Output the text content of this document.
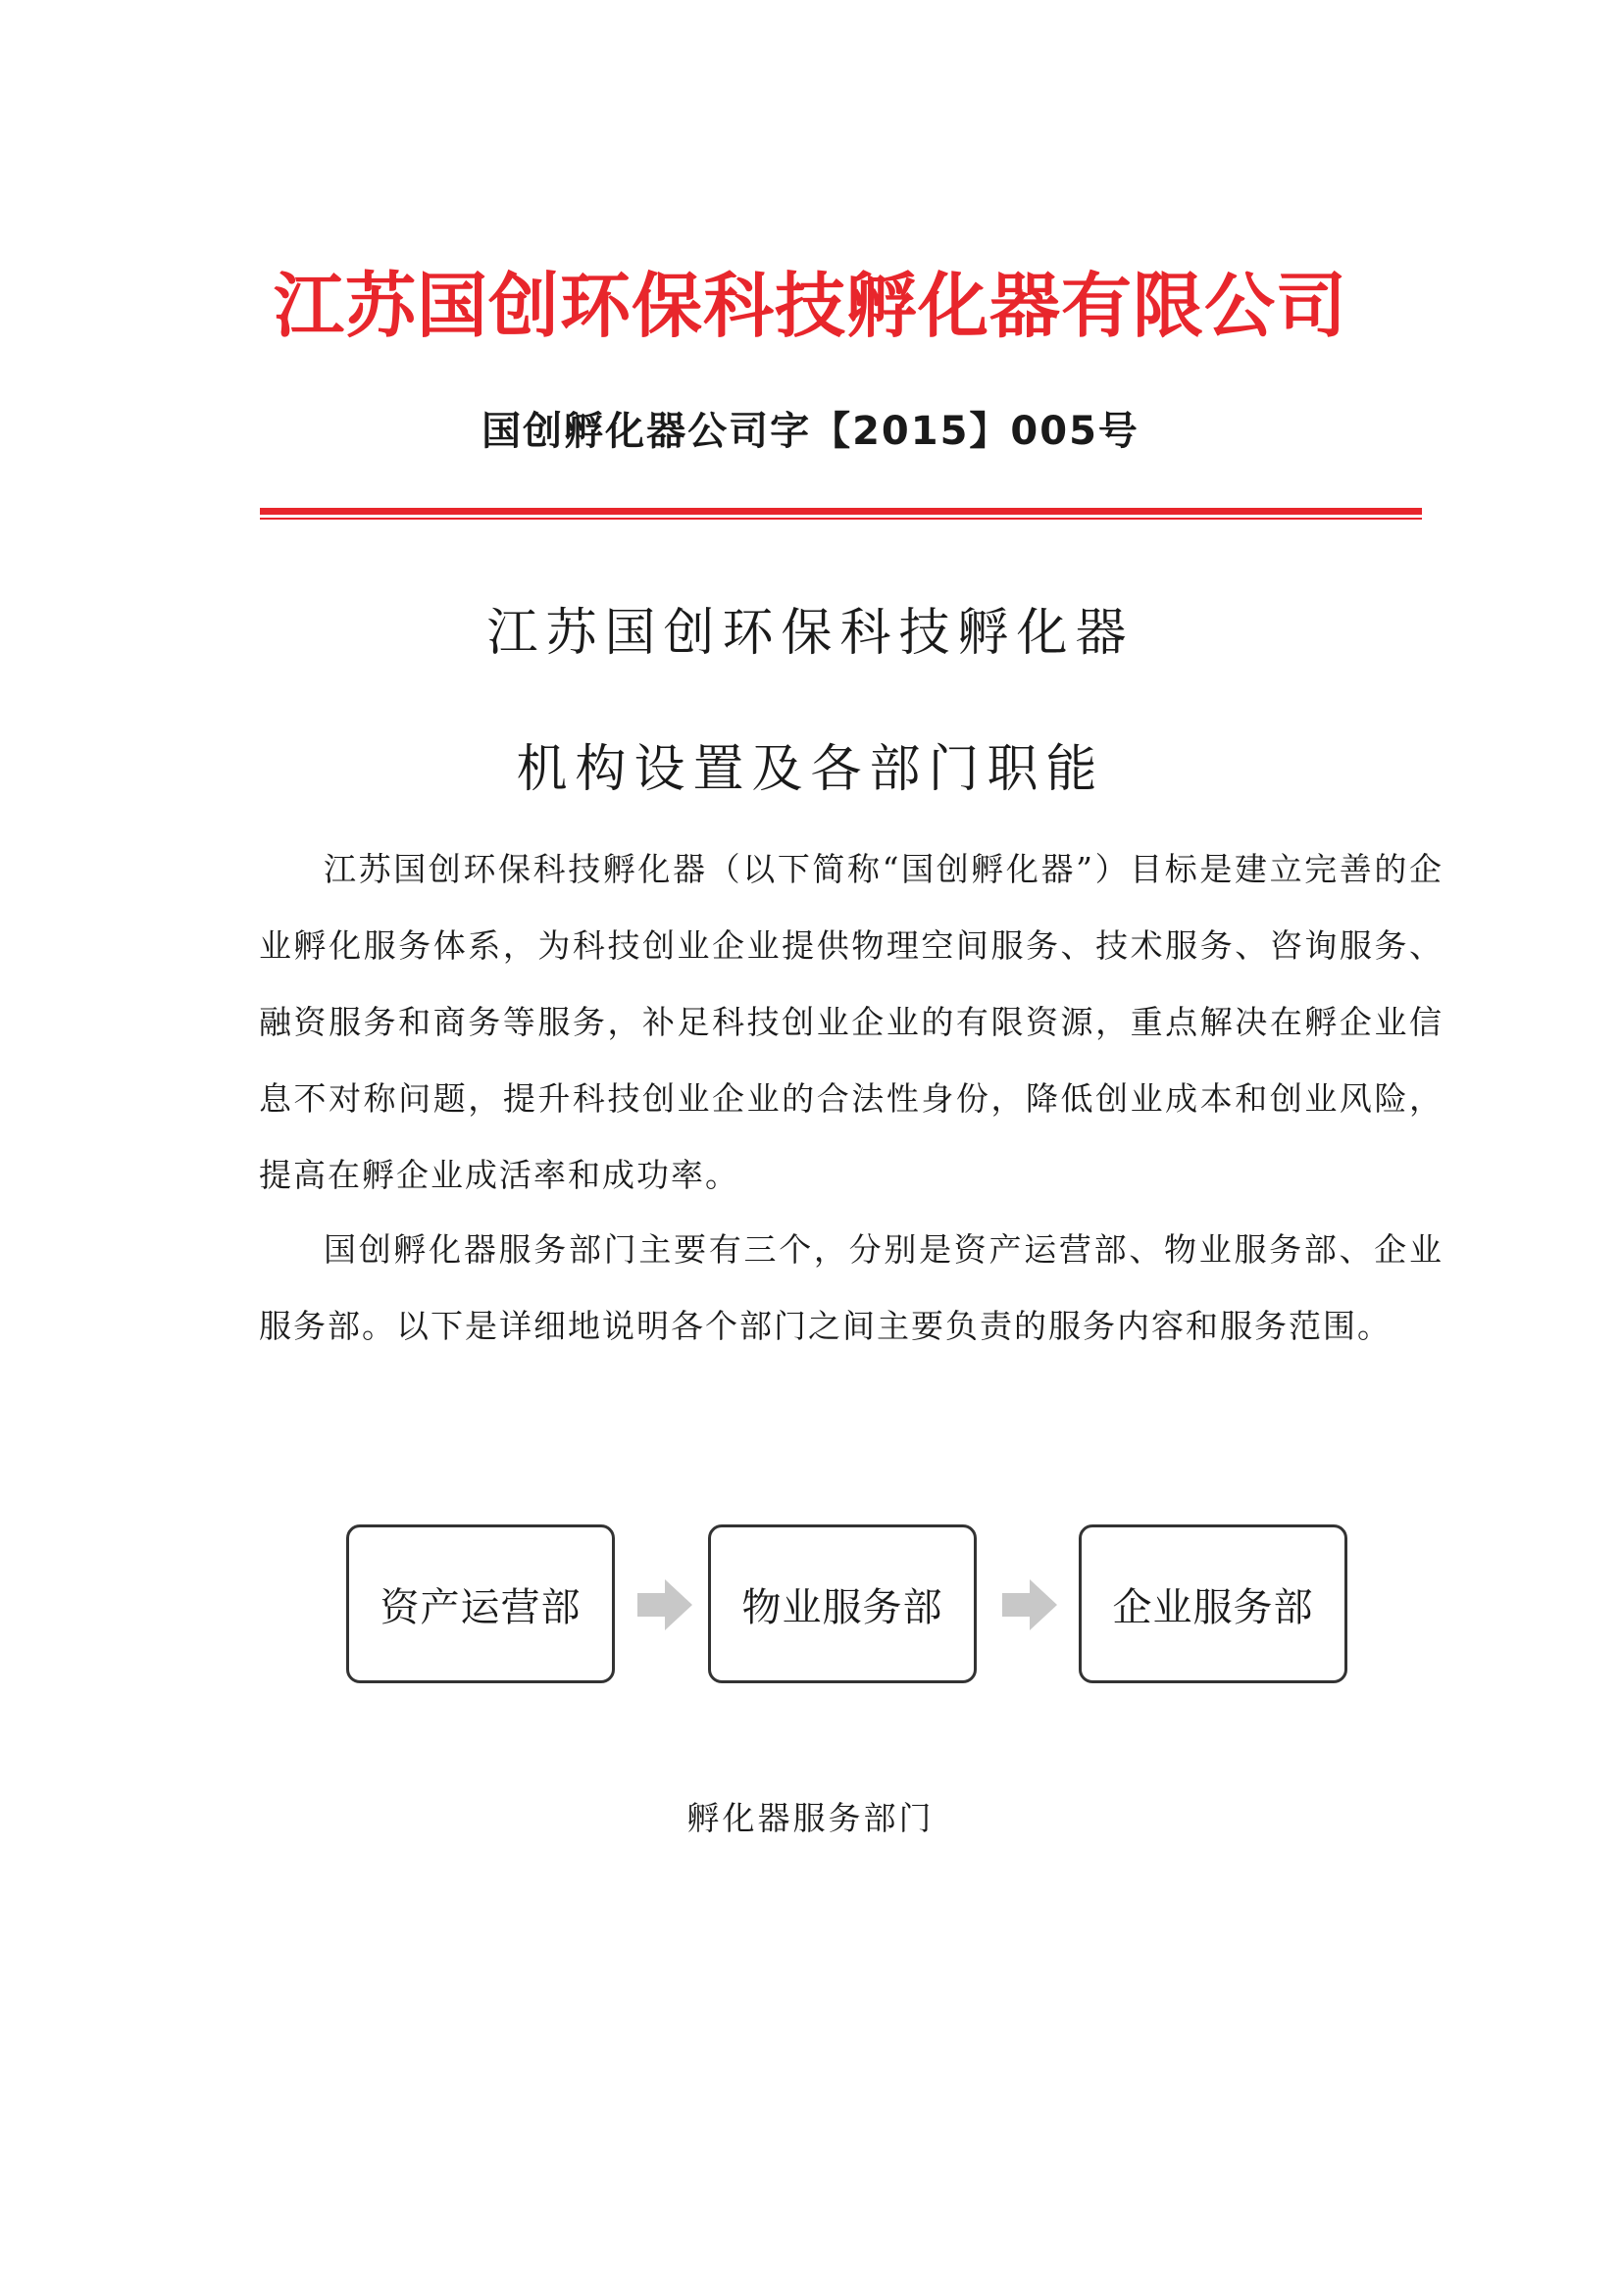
江苏国创环保科技孵化器有限公司
国创孵化器公司字【2015】005号
江苏国创环保科技孵化器
机构设置及各部门职能

江苏国创环保科技孵化器（以下简称“国创孵化器”）目标是建立完善的企业孵化服务体系，为科技创业企业提供物理空间服务、技术服务、咨询服务、融资服务和商务等服务，补足科技创业企业的有限资源，重点解决在孵企业信息不对称问题，提升科技创业企业的合法性身份，降低创业成本和创业风险，提高在孵企业成活率和成功率。

国创孵化器服务部门主要有三个，分别是资产运营部、物业服务部、企业服务部。以下是详细地说明各个部门之间主要负责的服务内容和服务范围。

资产运营部	物业服务部	企业服务部
孵化器服务部门
